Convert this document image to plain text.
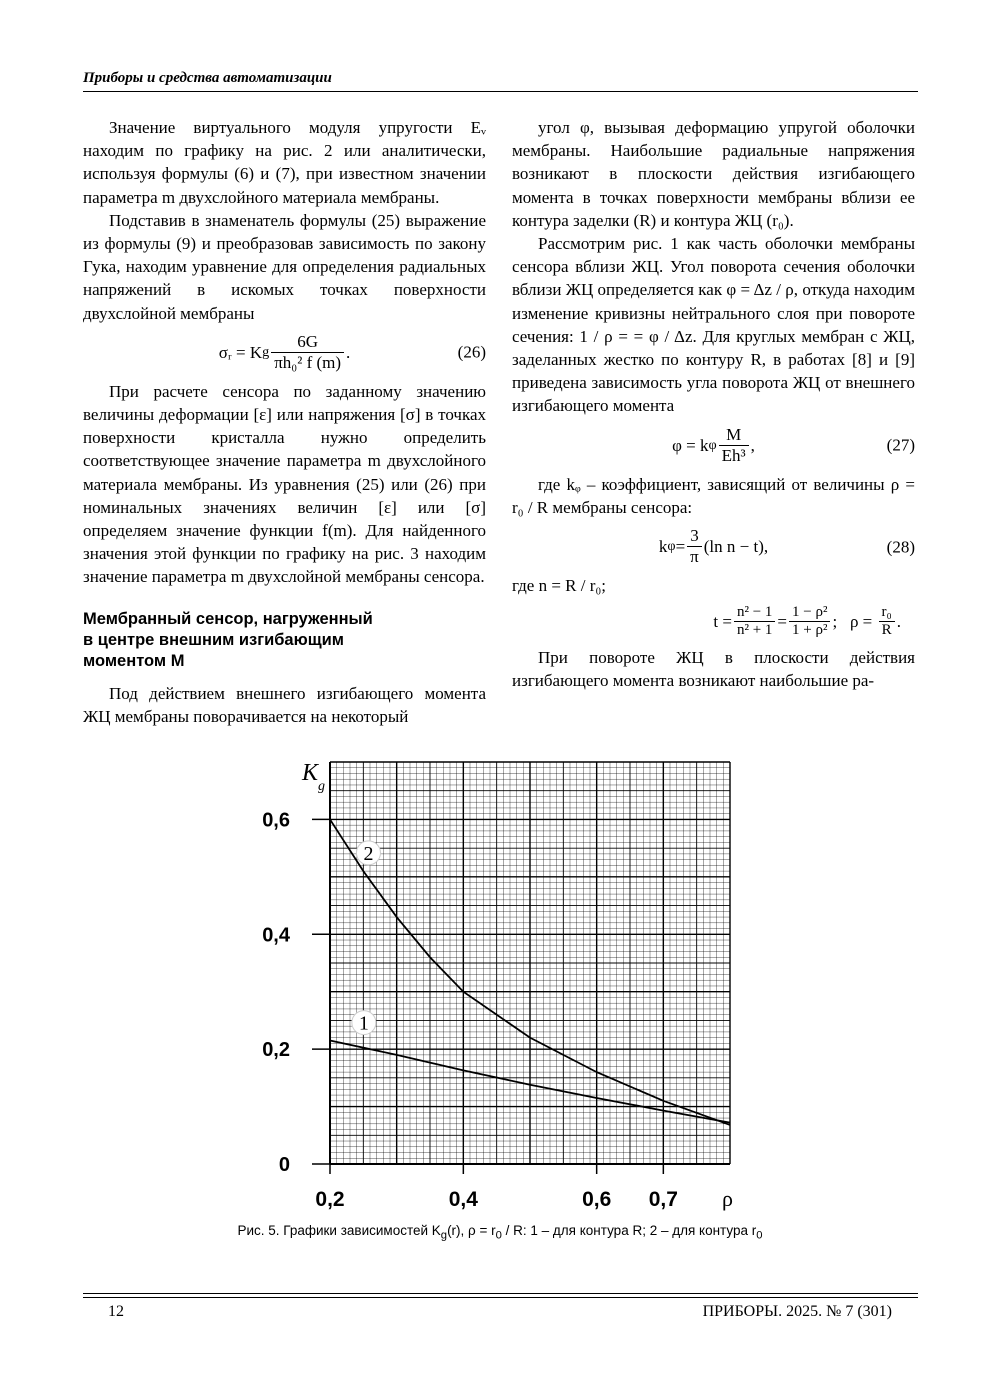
Приборы и средства автоматизации

Значение виртуального модуля упругости Eᵥ находим по графику на рис. 2 или аналитически, используя формулы (6) и (7), при известном значении параметра m двухслойного материала мембраны.

Подставив в знаменатель формулы (25) выражение из формулы (9) и преобразовав зависимость по закону Гука, находим уравнение для определения радиальных напряжений в искомых точках поверхности двухслойной мембраны

σᵣ = K g $\frac{6G}{\text{πh₀² f (m)}}$ .	(26)

При расчете сенсора по заданному значению величины деформации [ε] или напряжения [σ] в точках поверхности кристалла нужно определить соответствующее значение параметра m двухслойного материала мембраны. Из уравнения (25) или (26) при номинальных значениях величин [ε] или [σ] определяем значение функции f(m). Для найденного значения этой функции по графику на рис. 3 находим значение параметра m двухслойной мембраны сенсора.

Мембранный сенсор, нагруженный
в центре внешним изгибающим
моментом M

Под действием внешнего изгибающего момента ЖЦ мембраны поворачивается на некоторый

угол φ, вызывая деформацию упругой оболочки мембраны. Наибольшие радиальные напряжения возникают в плоскости действия изгибающего момента в точках поверхности мембраны вблизи ее контура заделки (R) и контура ЖЦ (r₀).

Рассмотрим рис. 1 как часть оболочки мембраны сенсора вблизи ЖЦ. Угол поворота сечения оболочки вблизи ЖЦ определяется как φ = Δz / ρ, откуда находим изменение кривизны нейтрального слоя при повороте сечения: 1 / ρ = = φ / Δz. Для круглых мембран с ЖЦ, заделанных жестко по контуру R, в работах [8] и [9] приведена зависимость угла поворота ЖЦ от внешнего изгибающего момента

φ = k φ $\frac{M}{\text{Eh³}}$ ,	(27)

где kᵩ – коэффициент, зависящий от величины ρ = r₀ / R мембраны сенсора:

k $\varphi = \frac{3}{\pi} (\ln$ n − t),	(28)

где n = R / r₀;

$t = \frac{\text{n² − 1}}{\text{n² + 1}} = \frac{\text{1 − ρ²}}{\text{1 + ρ²}}$ ;   $\rho = \frac{\text{r₀}}{R}$ .

При повороте ЖЦ в плоскости действия изгибающего момента возникают наибольшие ра-

0
0,2
0,4
0,6
0,2	0,4	0,6 0,7
K
g
ρ
2
1
Рис. 5. Графики зависимостей $K_g(r)$, $\rho = r_0 / R$: 1 – для контура R; 2 – для контура $r_0$
12	ПРИБОРЫ. 2025. № 7 (301)
